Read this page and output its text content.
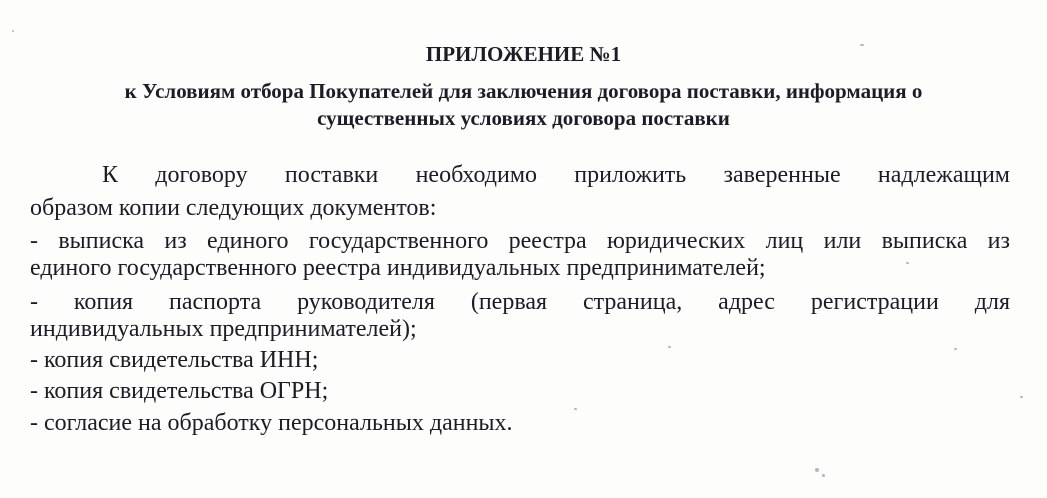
ПРИЛОЖЕНИЕ №1
к Условиям отбора Покупателей для заключения договора поставки, информация о
существенных условиях договора поставки
К договору поставки необходимо приложить заверенные надлежащим
образом копии следующих документов:
- выписка из единого государственного реестра юридических лиц или выписка из
единого государственного реестра индивидуальных предпринимателей;
- копия паспорта руководителя (первая страница, адрес регистрации для
индивидуальных предпринимателей);
- копия свидетельства ИНН;
- копия свидетельства ОГРН;
- согласие на обработку персональных данных.
